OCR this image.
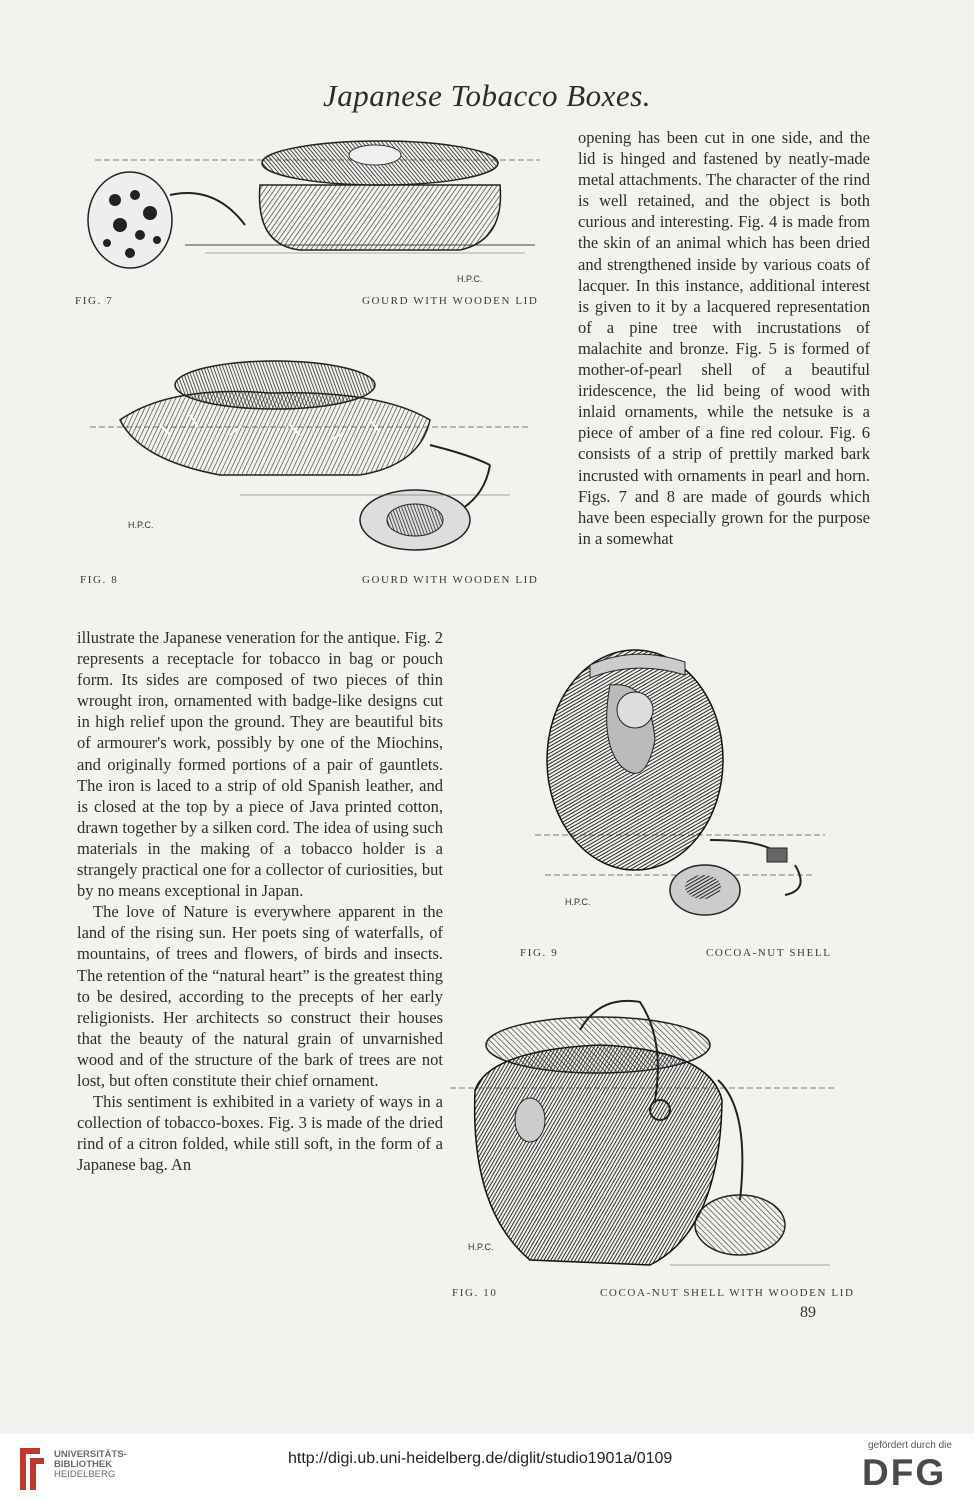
Japanese Tobacco Boxes.
H.P.C.
FIG. 7	GOURD WITH WOODEN LID
H.P.C.
FIG. 8	GOURD WITH WOODEN LID

opening has been cut in one side, and the lid is hinged and fastened by neatly-made metal attachments. The character of the rind is well retained, and the object is both curious and interesting. Fig. 4 is made from the skin of an animal which has been dried and strengthened inside by various coats of lacquer. In this instance, additional interest is given to it by a lacquered representation of a pine tree with incrustations of malachite and bronze. Fig. 5 is formed of mother-of-pearl shell of a beautiful iridescence, the lid being of wood with inlaid ornaments, while the netsuke is a piece of amber of a fine red colour. Fig. 6 consists of a strip of prettily marked bark incrusted with ornaments in pearl and horn. Figs. 7 and 8 are made of gourds which have been especially grown for the purpose in a somewhat

illustrate the Japanese veneration for the antique. Fig. 2 represents a receptacle for tobacco in bag or pouch form. Its sides are composed of two pieces of thin wrought iron, ornamented with badge-like designs cut in high relief upon the ground. They are beautiful bits of armourer's work, possibly by one of the Miochins, and originally formed portions of a pair of gauntlets. The iron is laced to a strip of old Spanish leather, and is closed at the top by a piece of Java printed cotton, drawn together by a silken cord. The idea of using such materials in the making of a tobacco holder is a strangely practical one for a collector of curiosities, but by no means exceptional in Japan.

The love of Nature is everywhere apparent in the land of the rising sun. Her poets sing of waterfalls, of mountains, of trees and flowers, of birds and insects. The retention of the “natural heart” is the greatest thing to be desired, according to the precepts of her early religionists. Her architects so construct their houses that the beauty of the natural grain of unvarnished wood and of the structure of the bark of trees are not lost, but often constitute their chief ornament.

This sentiment is exhibited in a variety of ways in a collection of tobacco-boxes. Fig. 3 is made of the dried rind of a citron folded, while still soft, in the form of a Japanese bag. An

H.P.C.
FIG. 9	COCOA-NUT SHELL
H.P.C.
FIG. 10	COCOA-NUT SHELL WITH WOODEN LID
89
UNIVERSITÄTS-
BIBLIOTHEK
HEIDELBERG
http://digi.ub.uni-heidelberg.de/diglit/studio1901a/0109
gefördert durch die
DFG
